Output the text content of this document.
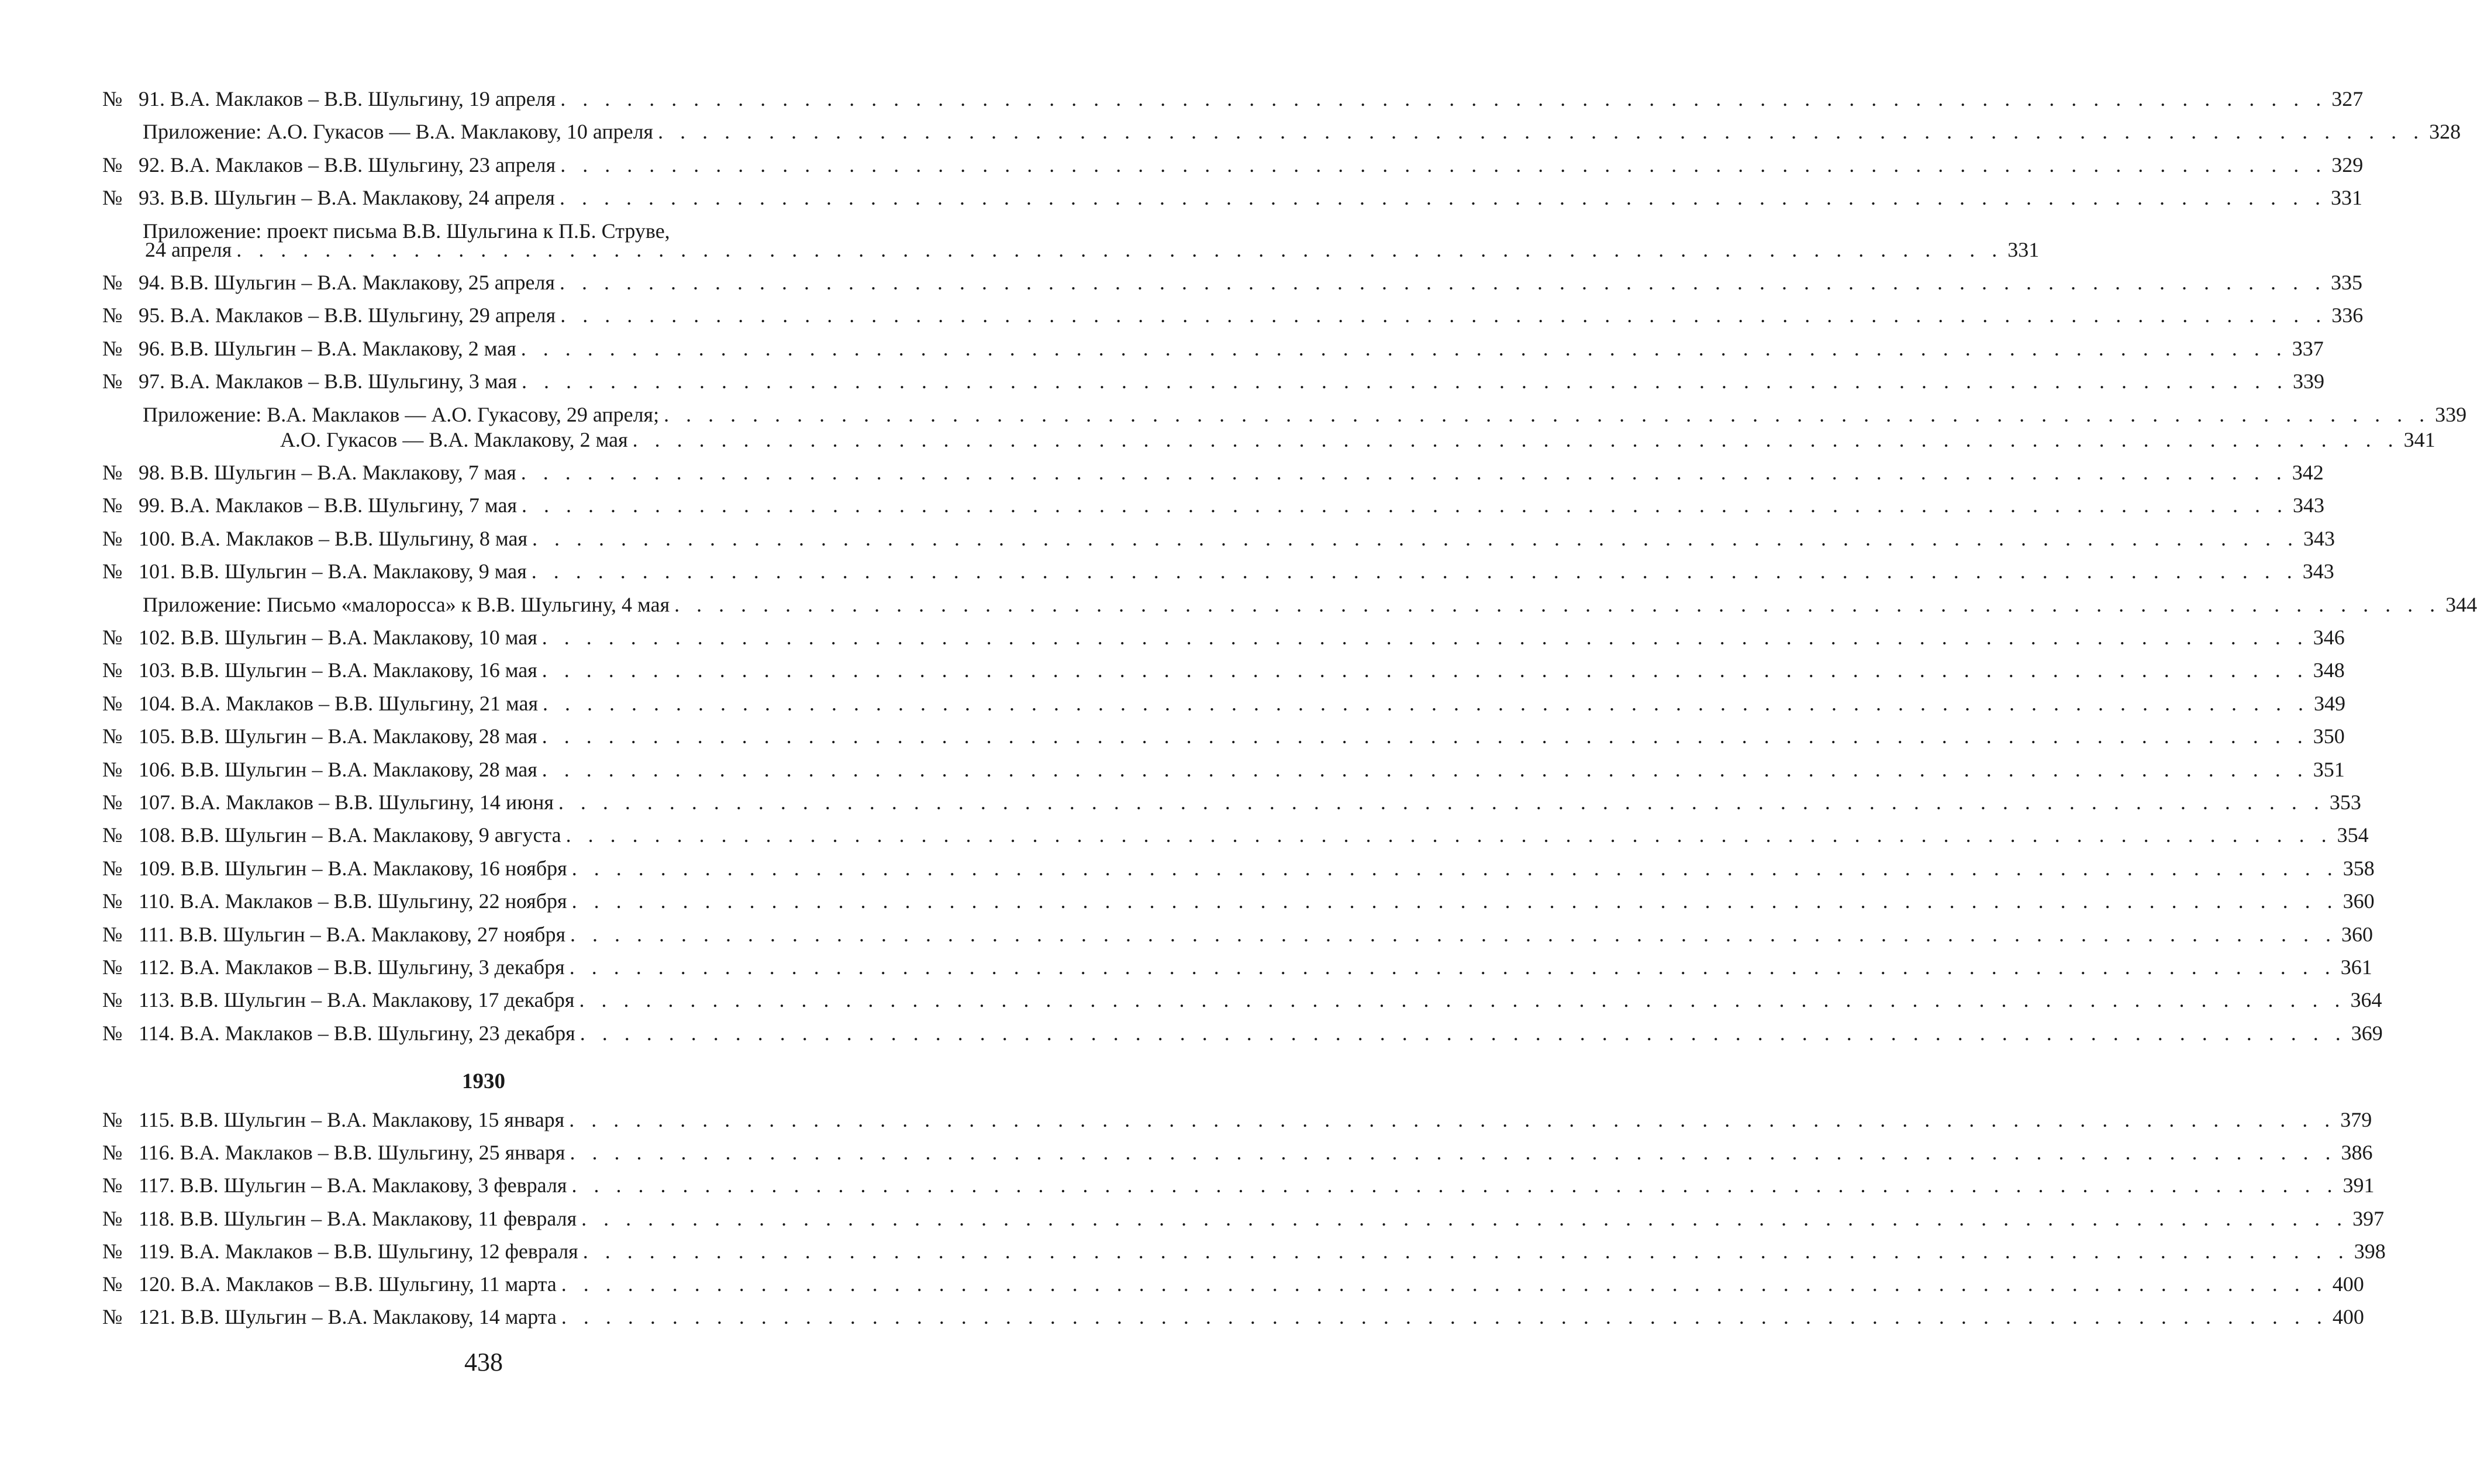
№ 91. В.А. Маклаков – В.В. Шульгину, 19 апреля . . . . . . . . . . . . . . . . . . . . . . . . . . . . . . . . . . . . . . . . . . . . . . . . . . . . . . . . . . . . . . . . . . . . . . . . . . . . . . . . 327
Приложение: А.О. Гукасов — В.А. Маклакову, 10 апреля . . . . . . . . . . . . . . . . . . . . . . . . . . . . . . . . . . . . . . . . . . . . . . . . . . . . . . . . . . . . . . . . . . . . . . . . . . . . . . . . 328
№ 92. В.А. Маклаков – В.В. Шульгину, 23 апреля . . . . . . . . . . . . . . . . . . . . . . . . . . . . . . . . . . . . . . . . . . . . . . . . . . . . . . . . . . . . . . . . . . . . . . . . . . . . . . . . 329
№ 93. В.В. Шульгин – В.А. Маклакову, 24 апреля . . . . . . . . . . . . . . . . . . . . . . . . . . . . . . . . . . . . . . . . . . . . . . . . . . . . . . . . . . . . . . . . . . . . . . . . . . . . . . . . 331
Приложение: проект письма В.В. Шульгина к П.Б. Струве,
24 апреля . . . . . . . . . . . . . . . . . . . . . . . . . . . . . . . . . . . . . . . . . . . . . . . . . . . . . . . . . . . . . . . . . . . . . . . . . . . . . . . . 331
№ 94. В.В. Шульгин – В.А. Маклакову, 25 апреля . . . . . . . . . . . . . . . . . . . . . . . . . . . . . . . . . . . . . . . . . . . . . . . . . . . . . . . . . . . . . . . . . . . . . . . . . . . . . . . . 335
№ 95. В.А. Маклаков – В.В. Шульгину, 29 апреля . . . . . . . . . . . . . . . . . . . . . . . . . . . . . . . . . . . . . . . . . . . . . . . . . . . . . . . . . . . . . . . . . . . . . . . . . . . . . . . . 336
№ 96. В.В. Шульгин – В.А. Маклакову, 2 мая . . . . . . . . . . . . . . . . . . . . . . . . . . . . . . . . . . . . . . . . . . . . . . . . . . . . . . . . . . . . . . . . . . . . . . . . . . . . . . . . 337
№ 97. В.А. Маклаков – В.В. Шульгину, 3 мая . . . . . . . . . . . . . . . . . . . . . . . . . . . . . . . . . . . . . . . . . . . . . . . . . . . . . . . . . . . . . . . . . . . . . . . . . . . . . . . . 339
Приложение: В.А. Маклаков — А.О. Гукасову, 29 апреля; . . . . . . . . . . . . . . . . . . . . . . . . . . . . . . . . . . . . . . . . . . . . . . . . . . . . . . . . . . . . . . . . . . . . . . . . . . . . . . . . 339
А.О. Гукасов — В.А. Маклакову, 2 мая . . . . . . . . . . . . . . . . . . . . . . . . . . . . . . . . . . . . . . . . . . . . . . . . . . . . . . . . . . . . . . . . . . . . . . . . . . . . . . . . 341
№ 98. В.В. Шульгин – В.А. Маклакову, 7 мая . . . . . . . . . . . . . . . . . . . . . . . . . . . . . . . . . . . . . . . . . . . . . . . . . . . . . . . . . . . . . . . . . . . . . . . . . . . . . . . . 342
№ 99. В.А. Маклаков – В.В. Шульгину, 7 мая . . . . . . . . . . . . . . . . . . . . . . . . . . . . . . . . . . . . . . . . . . . . . . . . . . . . . . . . . . . . . . . . . . . . . . . . . . . . . . . . 343
№ 100. В.А. Маклаков – В.В. Шульгину, 8 мая . . . . . . . . . . . . . . . . . . . . . . . . . . . . . . . . . . . . . . . . . . . . . . . . . . . . . . . . . . . . . . . . . . . . . . . . . . . . . . . . 343
№ 101. В.В. Шульгин – В.А. Маклакову, 9 мая . . . . . . . . . . . . . . . . . . . . . . . . . . . . . . . . . . . . . . . . . . . . . . . . . . . . . . . . . . . . . . . . . . . . . . . . . . . . . . . . 343
Приложение: Письмо «малоросса» к В.В. Шульгину, 4 мая . . . . . . . . . . . . . . . . . . . . . . . . . . . . . . . . . . . . . . . . . . . . . . . . . . . . . . . . . . . . . . . . . . . . . . . . . . . . . . . . 344
№ 102. В.В. Шульгин – В.А. Маклакову, 10 мая . . . . . . . . . . . . . . . . . . . . . . . . . . . . . . . . . . . . . . . . . . . . . . . . . . . . . . . . . . . . . . . . . . . . . . . . . . . . . . . . 346
№ 103. В.В. Шульгин – В.А. Маклакову, 16 мая . . . . . . . . . . . . . . . . . . . . . . . . . . . . . . . . . . . . . . . . . . . . . . . . . . . . . . . . . . . . . . . . . . . . . . . . . . . . . . . . 348
№ 104. В.А. Маклаков – В.В. Шульгину, 21 мая . . . . . . . . . . . . . . . . . . . . . . . . . . . . . . . . . . . . . . . . . . . . . . . . . . . . . . . . . . . . . . . . . . . . . . . . . . . . . . . . 349
№ 105. В.В. Шульгин – В.А. Маклакову, 28 мая . . . . . . . . . . . . . . . . . . . . . . . . . . . . . . . . . . . . . . . . . . . . . . . . . . . . . . . . . . . . . . . . . . . . . . . . . . . . . . . . 350
№ 106. В.В. Шульгин – В.А. Маклакову, 28 мая . . . . . . . . . . . . . . . . . . . . . . . . . . . . . . . . . . . . . . . . . . . . . . . . . . . . . . . . . . . . . . . . . . . . . . . . . . . . . . . . 351
№ 107. В.А. Маклаков – В.В. Шульгину, 14 июня . . . . . . . . . . . . . . . . . . . . . . . . . . . . . . . . . . . . . . . . . . . . . . . . . . . . . . . . . . . . . . . . . . . . . . . . . . . . . . . . 353
№ 108. В.В. Шульгин – В.А. Маклакову, 9 августа . . . . . . . . . . . . . . . . . . . . . . . . . . . . . . . . . . . . . . . . . . . . . . . . . . . . . . . . . . . . . . . . . . . . . . . . . . . . . . . . 354
№ 109. В.В. Шульгин – В.А. Маклакову, 16 ноября . . . . . . . . . . . . . . . . . . . . . . . . . . . . . . . . . . . . . . . . . . . . . . . . . . . . . . . . . . . . . . . . . . . . . . . . . . . . . . . . 358
№ 110. В.А. Маклаков – В.В. Шульгину, 22 ноября . . . . . . . . . . . . . . . . . . . . . . . . . . . . . . . . . . . . . . . . . . . . . . . . . . . . . . . . . . . . . . . . . . . . . . . . . . . . . . . . 360
№ 111. В.В. Шульгин – В.А. Маклакову, 27 ноября . . . . . . . . . . . . . . . . . . . . . . . . . . . . . . . . . . . . . . . . . . . . . . . . . . . . . . . . . . . . . . . . . . . . . . . . . . . . . . . . 360
№ 112. В.А. Маклаков – В.В. Шульгину, 3 декабря . . . . . . . . . . . . . . . . . . . . . . . . . . . . . . . . . . . . . . . . . . . . . . . . . . . . . . . . . . . . . . . . . . . . . . . . . . . . . . . . 361
№ 113. В.В. Шульгин – В.А. Маклакову, 17 декабря . . . . . . . . . . . . . . . . . . . . . . . . . . . . . . . . . . . . . . . . . . . . . . . . . . . . . . . . . . . . . . . . . . . . . . . . . . . . . . . . 364
№ 114. В.А. Маклаков – В.В. Шульгину, 23 декабря . . . . . . . . . . . . . . . . . . . . . . . . . . . . . . . . . . . . . . . . . . . . . . . . . . . . . . . . . . . . . . . . . . . . . . . . . . . . . . . . 369
1930
№ 115. В.В. Шульгин – В.А. Маклакову, 15 января . . . . . . . . . . . . . . . . . . . . . . . . . . . . . . . . . . . . . . . . . . . . . . . . . . . . . . . . . . . . . . . . . . . . . . . . . . . . . . . . 379
№ 116. В.А. Маклаков – В.В. Шульгину, 25 января . . . . . . . . . . . . . . . . . . . . . . . . . . . . . . . . . . . . . . . . . . . . . . . . . . . . . . . . . . . . . . . . . . . . . . . . . . . . . . . . 386
№ 117. В.В. Шульгин – В.А. Маклакову, 3 февраля . . . . . . . . . . . . . . . . . . . . . . . . . . . . . . . . . . . . . . . . . . . . . . . . . . . . . . . . . . . . . . . . . . . . . . . . . . . . . . . . 391
№ 118. В.В. Шульгин – В.А. Маклакову, 11 февраля . . . . . . . . . . . . . . . . . . . . . . . . . . . . . . . . . . . . . . . . . . . . . . . . . . . . . . . . . . . . . . . . . . . . . . . . . . . . . . . . 397
№ 119. В.А. Маклаков – В.В. Шульгину, 12 февраля . . . . . . . . . . . . . . . . . . . . . . . . . . . . . . . . . . . . . . . . . . . . . . . . . . . . . . . . . . . . . . . . . . . . . . . . . . . . . . . . 398
№ 120. В.А. Маклаков – В.В. Шульгину, 11 марта . . . . . . . . . . . . . . . . . . . . . . . . . . . . . . . . . . . . . . . . . . . . . . . . . . . . . . . . . . . . . . . . . . . . . . . . . . . . . . . . 400
№ 121. В.В. Шульгин – В.А. Маклакову, 14 марта . . . . . . . . . . . . . . . . . . . . . . . . . . . . . . . . . . . . . . . . . . . . . . . . . . . . . . . . . . . . . . . . . . . . . . . . . . . . . . . . 400
438
